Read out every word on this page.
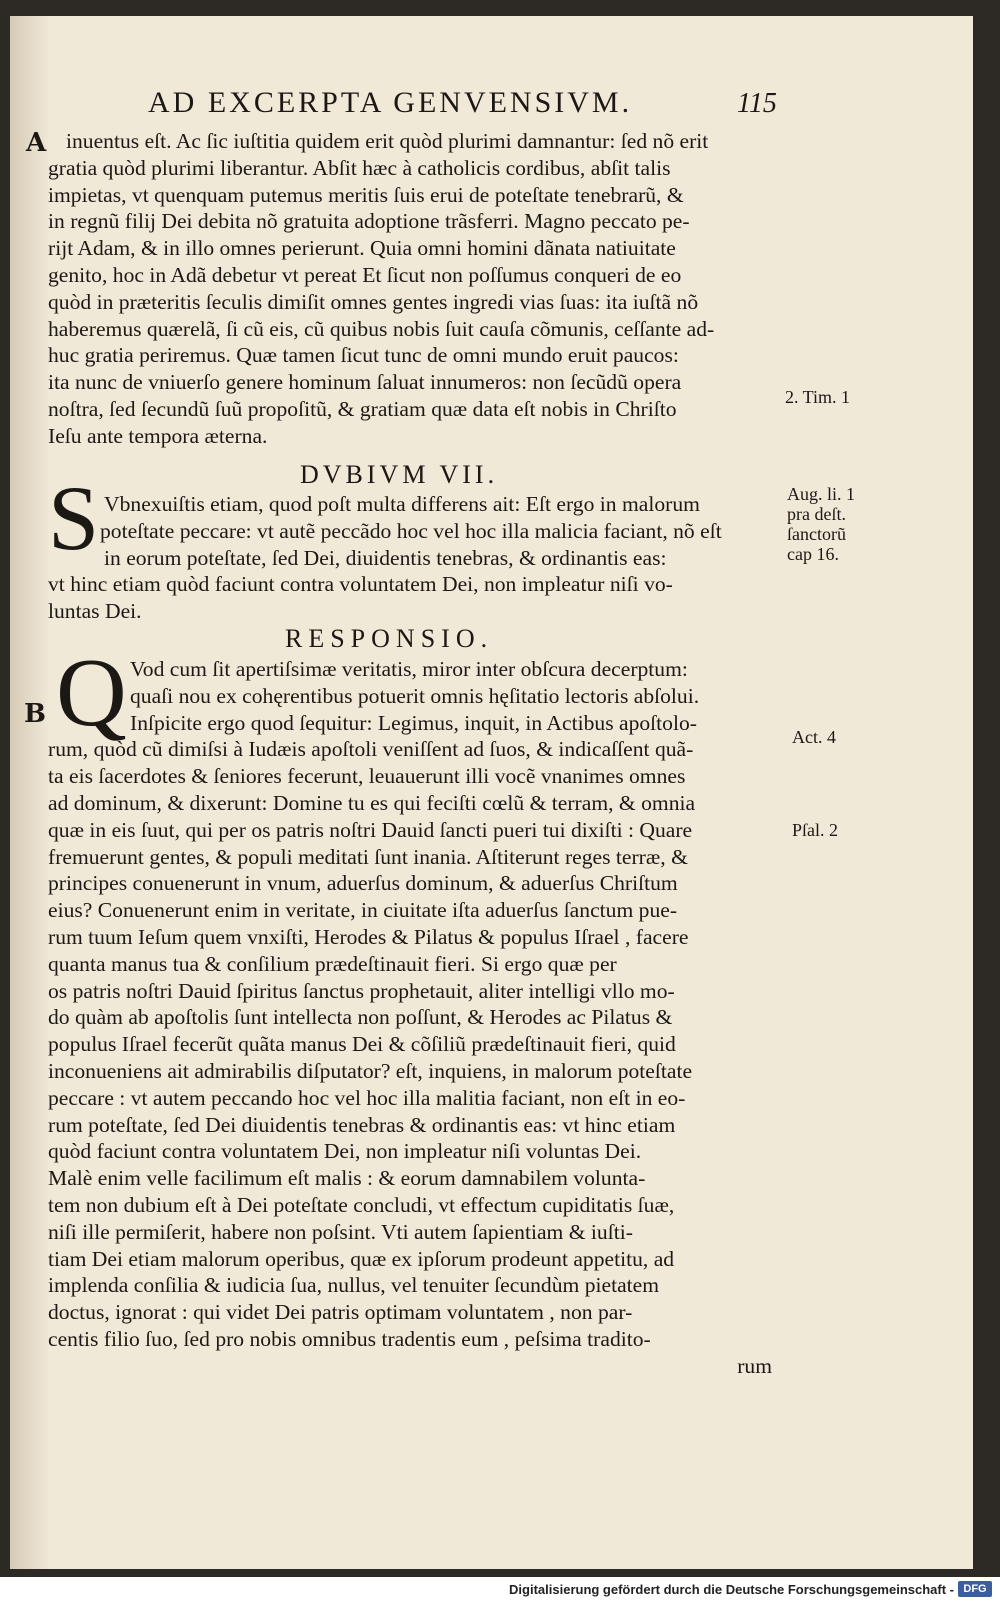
AD EXCERPTA GENVENSIVM.	115
A inuentus eſt. Ac ſic iuſtitia quidem erit quòd plurimi damnantur: ſed nõ erit
gratia quòd plurimi liberantur. Abſit hæc à catholicis cordibus, abſit talis
impietas, vt quenquam putemus meritis ſuis erui de poteſtate tenebrarũ, &
in regnũ filij Dei debita nõ gratuita adoptione trãsferri. Magno peccato pe-
rijt Adam, & in illo omnes perierunt. Quia omni homini dãnata natiuitate
genito, hoc in Adã debetur vt pereat Et ſicut non poſſumus conqueri de eo
quòd in præteritis ſeculis dimiſit omnes gentes ingredi vias ſuas: ita iuſtã nõ
haberemus quærelã, ſi cũ eis, cũ quibus nobis ſuit cauſa cõmunis, ceſſante ad-
huc gratia periremus. Quæ tamen ſicut tunc de omni mundo eruit paucos:
ita nunc de vniuerſo genere hominum ſaluat innumeros: non ſecũdũ opera
noſtra, ſed ſecundũ ſuũ propoſitũ, & gratiam quæ data eſt nobis in Chriſto
Ieſu ante tempora æterna.
2. Tim. 1
DVBIVM VII.
S Vbnexuiſtis etiam, quod poſt multa differens ait: Eſt ergo in malorum
poteſtate peccare: vt autẽ peccãdo hoc vel hoc illa malicia faciant, nõ eſt
in eorum poteſtate, ſed Dei, diuidentis tenebras, & ordinantis eas:
vt hinc etiam quòd faciunt contra voluntatem Dei, non impleatur niſi vo-
luntas Dei.
Aug. li. 1
pra deſt.
ſanctorũ
cap 16.
RESPONSIO.
B Q Vod cum ſit apertiſsimæ veritatis, miror inter obſcura decerptum:
quaſi nou ex cohęrentibus potuerit omnis hęſitatio lectoris abſolui.
Inſpicite ergo quod ſequitur: Legimus, inquit, in Actibus apoſtolo-
rum, quòd cũ dimiſsi à Iudæis apoſtoli veniſſent ad ſuos, & indicaſſent quã-
ta eis ſacerdotes & ſeniores fecerunt, leuauerunt illi vocẽ vnanimes omnes
ad dominum, & dixerunt: Domine tu es qui feciſti cœlũ & terram, & omnia
quæ in eis ſuut, qui per os patris noſtri Dauid ſancti pueri tui dixiſti : Quare
fremuerunt gentes, & populi meditati ſunt inania. Aſtiterunt reges terræ, &
principes conuenerunt in vnum, aduerſus dominum, & aduerſus Chriſtum
eius? Conuenerunt enim in veritate, in ciuitate iſta aduerſus ſanctum pue-
rum tuum Ieſum quem vnxiſti, Herodes & Pilatus & populus Iſrael , facere
quanta manus tua & conſilium prædeſtinauit fieri. Si ergo quæ per
os patris noſtri Dauid ſpiritus ſanctus prophetauit, aliter intelligi vllo mo-
do quàm ab apoſtolis ſunt intellecta non poſſunt, & Herodes ac Pilatus &
populus Iſrael fecerũt quãta manus Dei & cõſiliũ prædeſtinauit fieri, quid
inconueniens ait admirabilis diſputator? eſt, inquiens, in malorum poteſtate
peccare : vt autem peccando hoc vel hoc illa malitia faciant, non eſt in eo-
rum poteſtate, ſed Dei diuidentis tenebras & ordinantis eas: vt hinc etiam
quòd faciunt contra voluntatem Dei, non impleatur niſi voluntas Dei.
Malè enim velle facilimum eſt malis : & eorum damnabilem volunta-
tem non dubium eſt à Dei poteſtate concludi, vt effectum cupiditatis ſuæ,
niſi ille permiſerit, habere non poſsint. Vti autem ſapientiam & iuſti-
tiam Dei etiam malorum operibus, quæ ex ipſorum prodeunt appetitu, ad
implenda conſilia & iudicia ſua, nullus, vel tenuiter ſecundùm pietatem
doctus, ignorat : qui videt Dei patris optimam voluntatem , non par-
centis filio ſuo, ſed pro nobis omnibus tradentis eum , peſsima tradito-
rum
Act. 4
Pſal. 2
Digitalisierung gefördert durch die Deutsche Forschungsgemeinschaft - DFG
